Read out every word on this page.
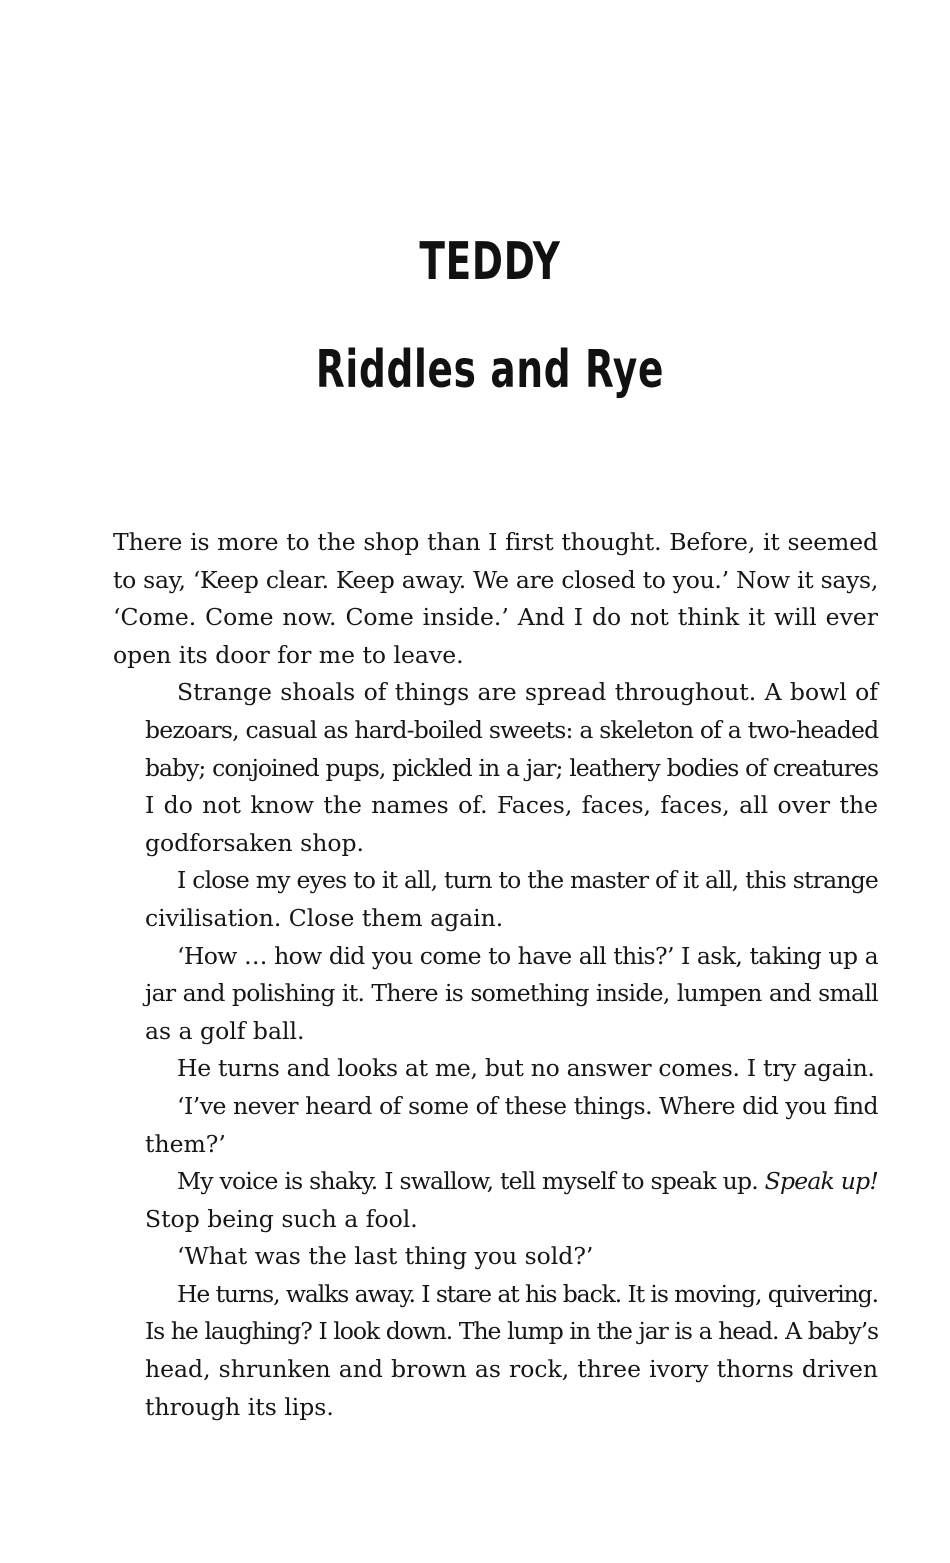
TEDDY
Riddles and Rye

There is more to the shop than I first thought. Before, it seemed
to say, ‘Keep clear. Keep away. We are closed to you.’ Now it says,
‘Come. Come now. Come inside.’ And I do not think it will ever
open its door for me to leave.

Strange shoals of things are spread throughout. A bowl of
bezoars, casual as hard-boiled sweets: a skeleton of a two-headed
baby; conjoined pups, pickled in a jar; leathery bodies of creatures
I do not know the names of. Faces, faces, faces, all over the
godforsaken shop.

I close my eyes to it all, turn to the master of it all, this strange
civilisation. Close them again.

‘How … how did you come to have all this?’ I ask, taking up a
jar and polishing it. There is something inside, lumpen and small
as a golf ball.

He turns and looks at me, but no answer comes. I try again.

‘I’ve never heard of some of these things. Where did you find
them?’

My voice is shaky. I swallow, tell myself to speak up. Speak up!
Stop being such a fool.

‘What was the last thing you sold?’

He turns, walks away. I stare at his back. It is moving, quivering.
Is he laughing? I look down. The lump in the jar is a head. A baby’s
head, shrunken and brown as rock, three ivory thorns driven
through its lips.
